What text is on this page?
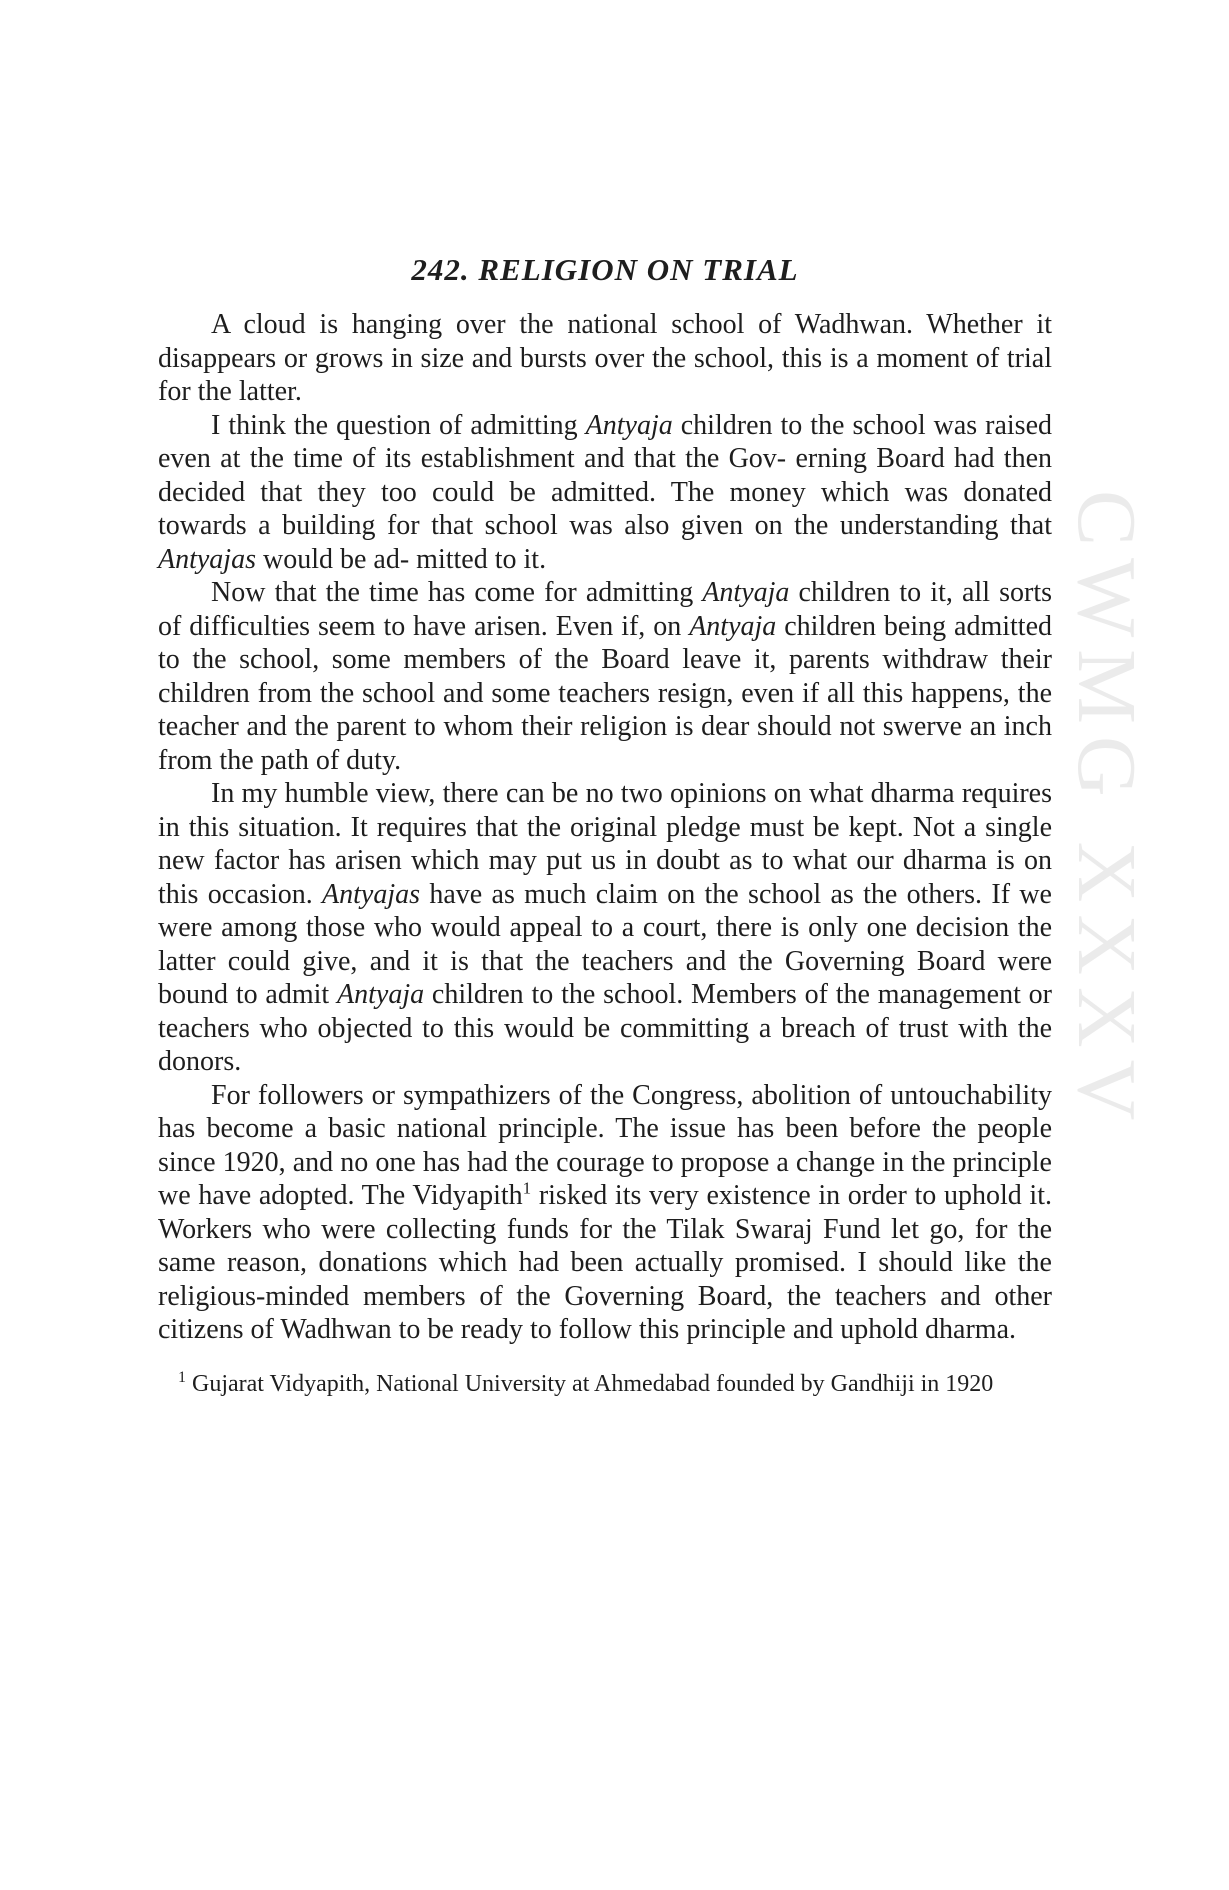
CWMG XXXV
242. RELIGION ON TRIAL

A cloud is hanging over the national school of Wadhwan. Whether it disappears or grows in size and bursts over the school, this is a moment of trial for the latter.

I think the question of admitting Antyaja children to the school was raised even at the time of its establishment and that the Gov- erning Board had then decided that they too could be admitted. The money which was donated towards a building for that school was also given on the understanding that Antyajas would be ad- mitted to it.

Now that the time has come for admitting Antyaja children to it, all sorts of difficulties seem to have arisen. Even if, on Antyaja children being admitted to the school, some members of the Board leave it, parents withdraw their children from the school and some teachers resign, even if all this happens, the teacher and the parent to whom their religion is dear should not swerve an inch from the path of duty.

In my humble view, there can be no two opinions on what dharma requires in this situation. It requires that the original pledge must be kept. Not a single new factor has arisen which may put us in doubt as to what our dharma is on this occasion. Antyajas have as much claim on the school as the others. If we were among those who would appeal to a court, there is only one decision the latter could give, and it is that the teachers and the Governing Board were bound to admit Antyaja children to the school. Members of the management or teachers who objected to this would be committing a breach of trust with the donors.

For followers or sympathizers of the Congress, abolition of untouchability has become a basic national principle. The issue has been before the people since 1920, and no one has had the courage to propose a change in the principle we have adopted. The Vidyapith$^1$ risked its very existence in order to uphold it. Workers who were collecting funds for the Tilak Swaraj Fund let go, for the same reason, donations which had been actually promised. I should like the religious-minded members of the Governing Board, the teachers and other citizens of Wadhwan to be ready to follow this principle and uphold dharma.

$^1$ Gujarat Vidyapith, National University at Ahmedabad founded by Gandhiji in 1920
